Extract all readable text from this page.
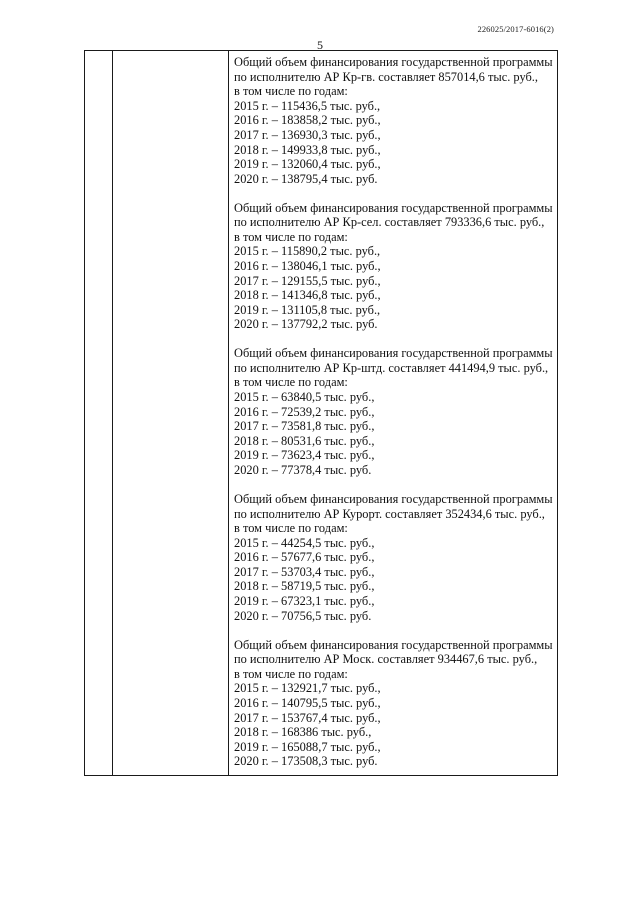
226025/2017-6016(2)
5

Общий объем финансирования государственной программы
по исполнителю АР Кр-гв. составляет 857014,6 тыс. руб.,
в том числе по годам:
2015 г. – 115436,5 тыс. руб.,
2016 г. – 183858,2 тыс. руб.,
2017 г. – 136930,3 тыс. руб.,
2018 г. – 149933,8 тыс. руб.,
2019 г. – 132060,4 тыс. руб.,
2020 г. – 138795,4 тыс. руб.
Общий объем финансирования государственной программы
по исполнителю АР Кр-сел. составляет 793336,6 тыс. руб.,
в том числе по годам:
2015 г. – 115890,2 тыс. руб.,
2016 г. – 138046,1 тыс. руб.,
2017 г. – 129155,5 тыс. руб.,
2018 г. – 141346,8 тыс. руб.,
2019 г. – 131105,8 тыс. руб.,
2020 г. – 137792,2 тыс. руб.
Общий объем финансирования государственной программы
по исполнителю АР Кр-штд. составляет 441494,9 тыс. руб.,
в том числе по годам:
2015 г. – 63840,5 тыс. руб.,
2016 г. – 72539,2 тыс. руб.,
2017 г. – 73581,8 тыс. руб.,
2018 г. – 80531,6 тыс. руб.,
2019 г. – 73623,4 тыс. руб.,
2020 г. – 77378,4 тыс. руб.
Общий объем финансирования государственной программы
по исполнителю АР Курорт. составляет 352434,6 тыс. руб.,
в том числе по годам:
2015 г. – 44254,5 тыс. руб.,
2016 г. – 57677,6 тыс. руб.,
2017 г. – 53703,4 тыс. руб.,
2018 г. – 58719,5 тыс. руб.,
2019 г. – 67323,1 тыс. руб.,
2020 г. – 70756,5 тыс. руб.
Общий объем финансирования государственной программы
по исполнителю АР Моск. составляет 934467,6 тыс. руб.,
в том числе по годам:
2015 г. – 132921,7 тыс. руб.,
2016 г. – 140795,5 тыс. руб.,
2017 г. – 153767,4 тыс. руб.,
2018 г. – 168386 тыс. руб.,
2019 г. – 165088,7 тыс. руб.,
2020 г. – 173508,3 тыс. руб.
